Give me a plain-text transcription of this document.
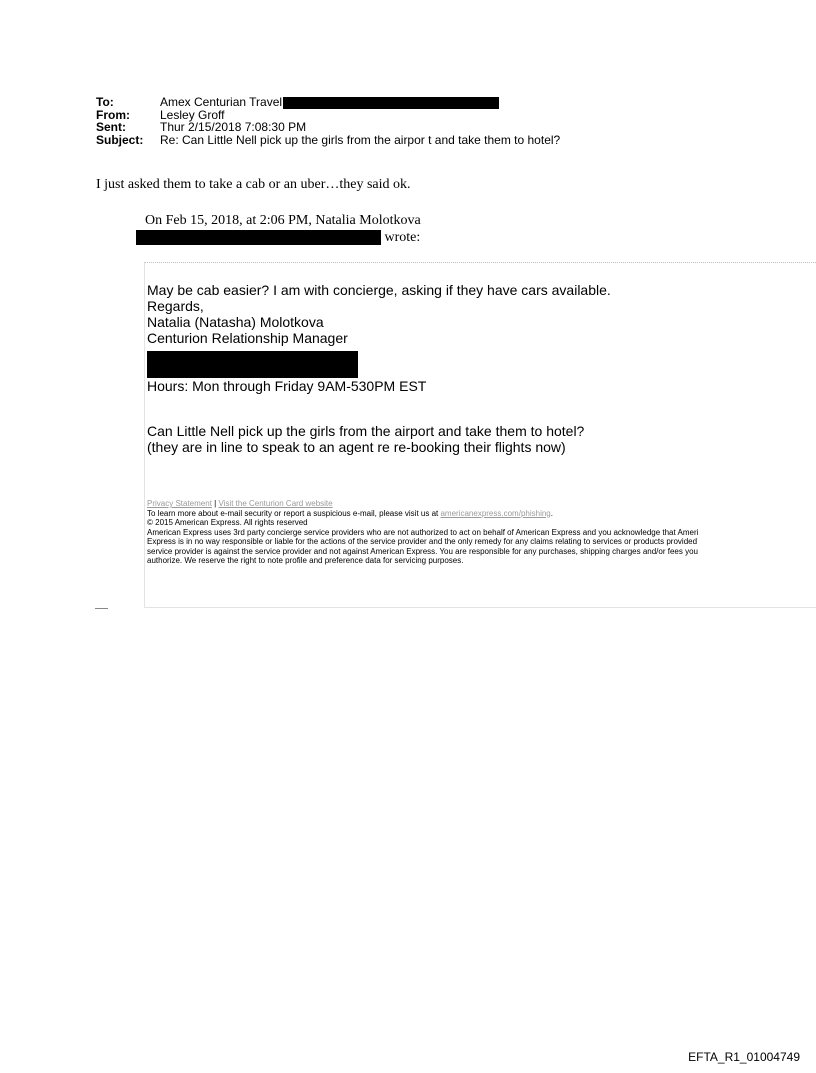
To:	Amex Centurian Travel
From:	Lesley Groff
Sent:	Thur 2/15/2018 7:08:30 PM
Subject: Re: Can Little Nell pick up the girls from the airpor t and take them to hotel?
I just asked them to take a cab or an uber…they said ok.
On Feb 15, 2018, at 2:06 PM, Natalia Molotkova
wrote:
May be cab easier? I am with concierge, asking if they have cars available.
Regards,
Natalia (Natasha) Molotkova
Centurion Relationship Manager
Hours: Mon through Friday 9AM-530PM EST
Can Little Nell pick up the girls from the airport and take them to hotel?
(they are in line to speak to an agent re re-booking their flights now)
Privacy Statement | Visit the Centurion Card website
To learn more about e-mail security or report a suspicious e-mail, please visit us at americanexpress.com/phishing.
© 2015 American Express. All rights reserved
American Express uses 3rd party concierge service providers who are not authorized to act on behalf of American Express and you acknowledge that Ameri
Express is in no way responsible or liable for the actions of the service provider and the only remedy for any claims relating to services or products provided
service provider is against the service provider and not against American Express. You are responsible for any purchases, shipping charges and/or fees you
authorize. We reserve the right to note profile and preference data for servicing purposes.
EFTA_R1_01004749
